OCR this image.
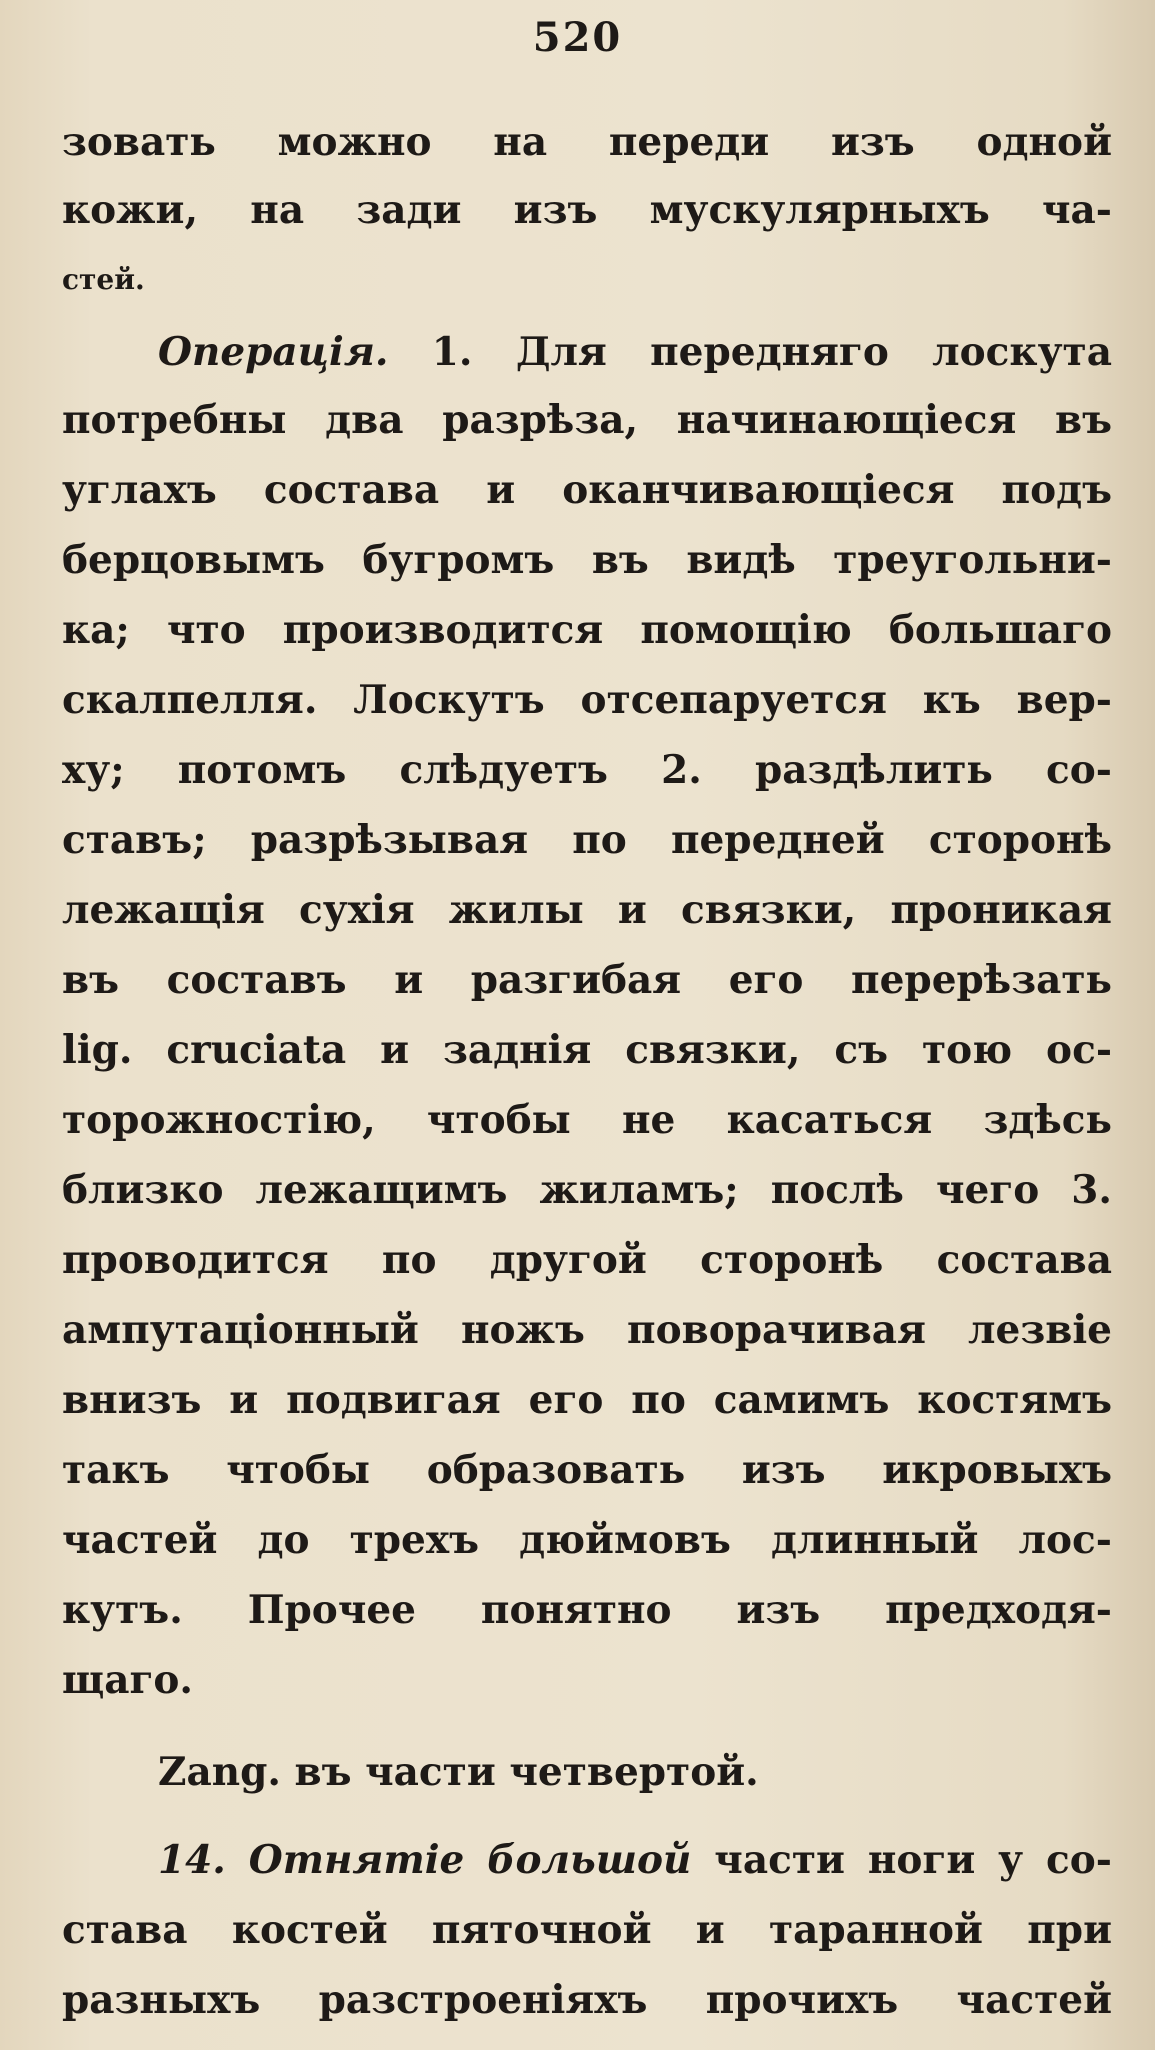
520
зовать можно на переди изъ одной
кожи, на зади изъ мускулярныхъ ча-
стей.
Операція. 1. Для передняго лоскута
потребны два разрѣза, начинающіеся въ
углахъ состава и оканчивающіеся подъ
берцовымъ бугромъ въ видѣ треугольни-
ка; что производится помощію большаго
скалпелля. Лоскутъ отсепаруется къ вер-
ху; потомъ слѣдуетъ 2. раздѣлить со-
ставъ; разрѣзывая по передней сторонѣ
лежащія сухія жилы и связки, проникая
въ составъ и разгибая его перерѣзать
lig. cruciata и заднія связки, съ тою ос-
торожностію, чтобы не касаться здѣсь
близко лежащимъ жиламъ; послѣ чего 3.
проводится по другой сторонѣ состава
ампутаціонный ножъ поворачивая лезвіе
внизъ и подвигая его по самимъ костямъ
такъ чтобы образовать изъ икровыхъ
частей до трехъ дюймовъ длинный лос-
кутъ. Прочее понятно изъ предходя-
щаго.
Zang. въ части четвертой.
14. Отнятіе большой части ноги у со-
става костей пяточной и таранной при
разныхъ разстроеніяхъ прочихъ частей
